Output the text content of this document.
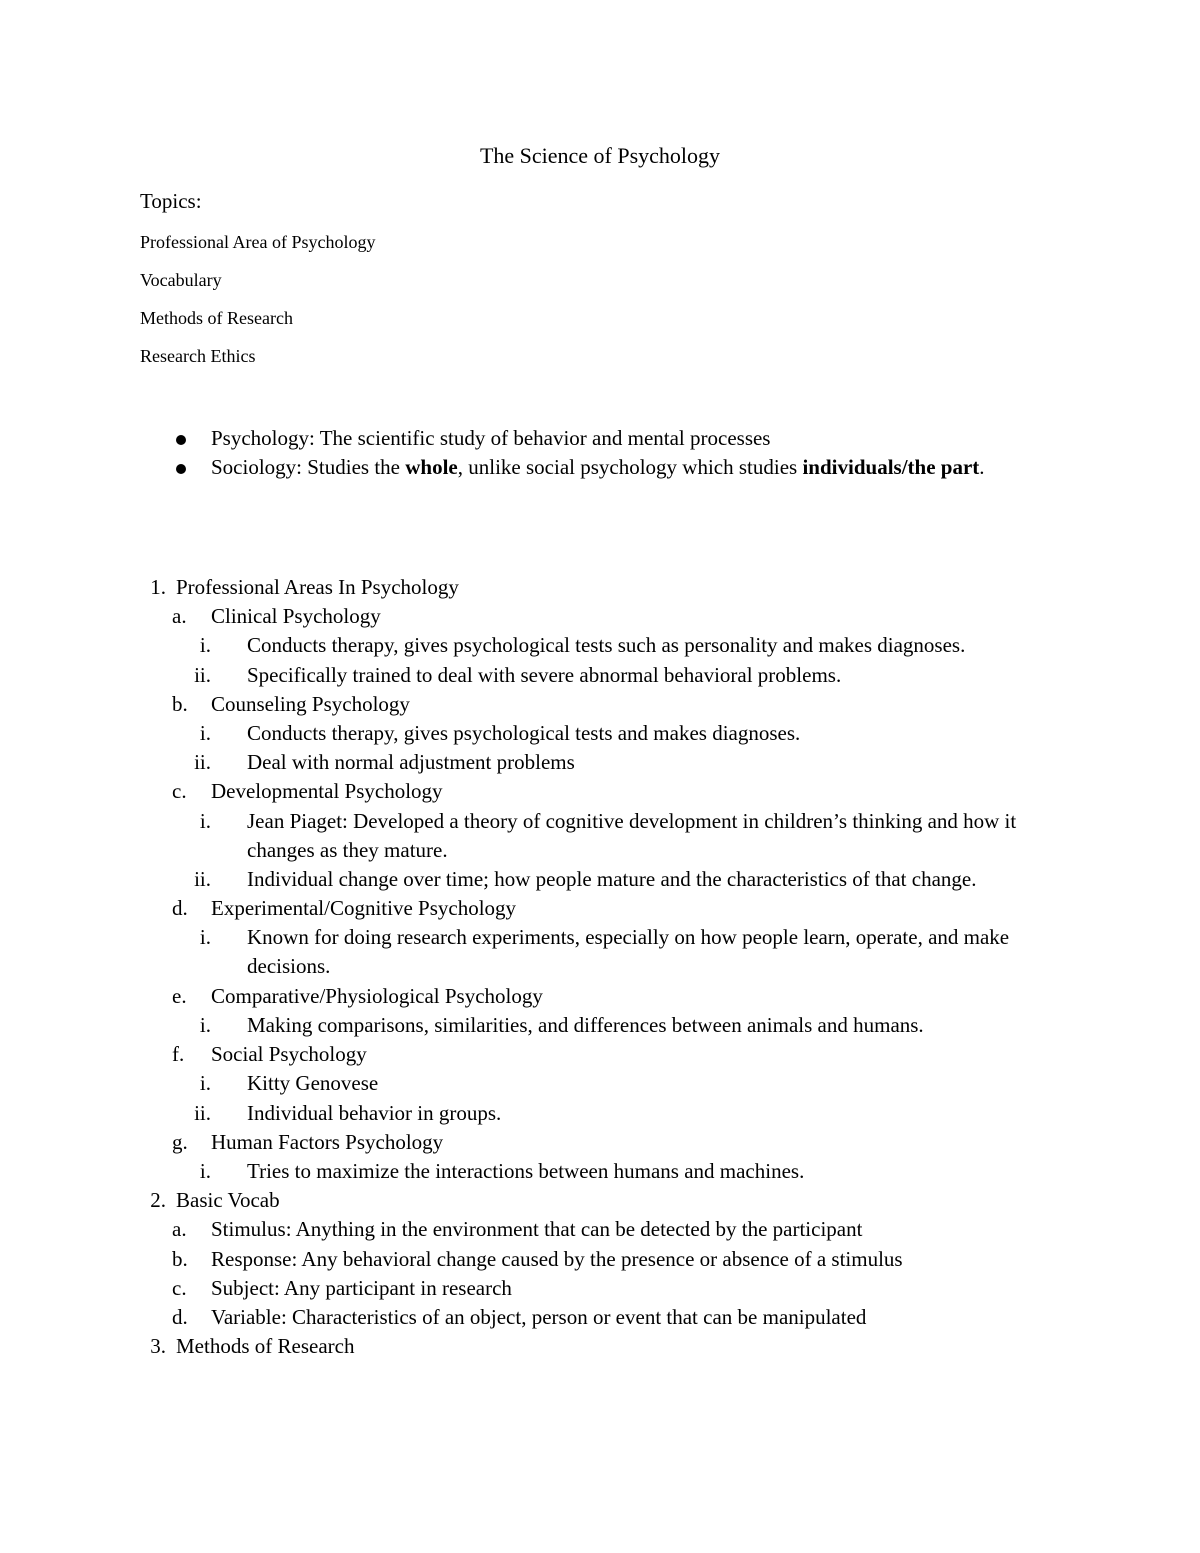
The Science of Psychology
Topics:
Professional Area of Psychology
Vocabulary
Methods of Research
Research Ethics
Psychology: The scientific study of behavior and mental processes
Sociology: Studies the whole, unlike social psychology which studies individuals/the part.
1. Professional Areas In Psychology
a. Clinical Psychology
i. Conducts therapy, gives psychological tests such as personality and makes diagnoses.
ii. Specifically trained to deal with severe abnormal behavioral problems.
b. Counseling Psychology
i. Conducts therapy, gives psychological tests and makes diagnoses.
ii. Deal with normal adjustment problems
c. Developmental Psychology
i. Jean Piaget: Developed a theory of cognitive development in children’s thinking and how it changes as they mature.
ii. Individual change over time; how people mature and the characteristics of that change.
d. Experimental/Cognitive Psychology
i. Known for doing research experiments, especially on how people learn, operate, and make decisions.
e. Comparative/Physiological Psychology
i. Making comparisons, similarities, and differences between animals and humans.
f.	Social Psychology
i. Kitty Genovese
ii. Individual behavior in groups.
g. Human Factors Psychology
i. Tries to maximize the interactions between humans and machines.
2. Basic Vocab
a. Stimulus: Anything in the environment that can be detected by the participant
b. Response: Any behavioral change caused by the presence or absence of a stimulus
c. Subject: Any participant in research
d. Variable: Characteristics of an object, person or event that can be manipulated
3. Methods of Research
